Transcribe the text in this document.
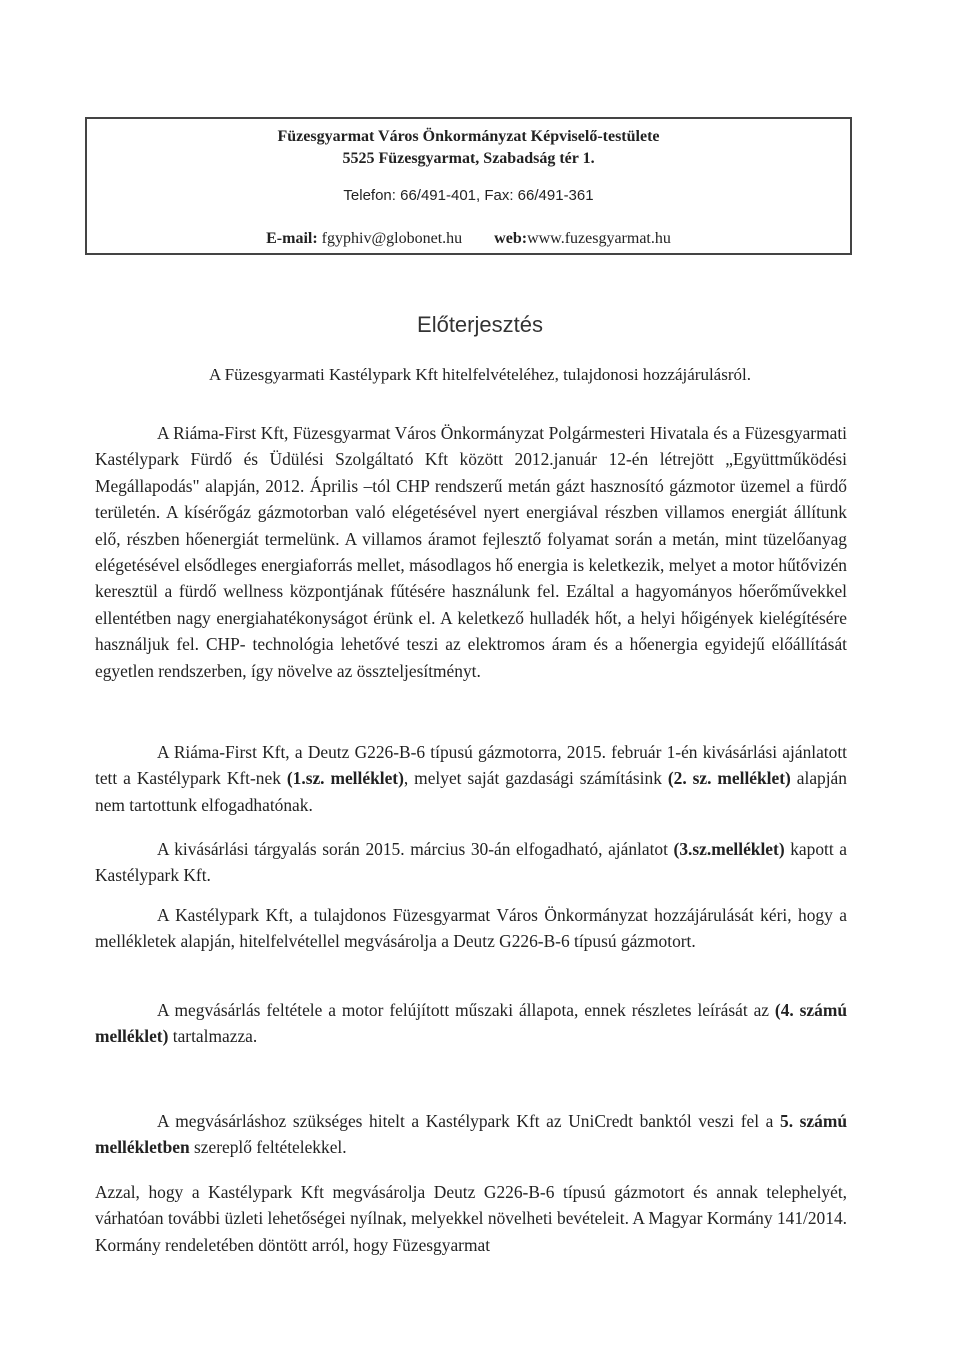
Füzesgyarmat Város Önkormányzat Képviselő-testülete
5525 Füzesgyarmat, Szabadság tér 1.
Telefon: 66/491-401, Fax: 66/491-361
E-mail: fgyphiv@globonet.hu web:www.fuzesgyarmat.hu
Előterjesztés
A Füzesgyarmati Kastélypark Kft hitelfelvételéhez, tulajdonosi hozzájárulásról.
A Riáma-First Kft, Füzesgyarmat Város Önkormányzat Polgármesteri Hivatala és a Füzesgyarmati Kastélypark Fürdő és Üdülési Szolgáltató Kft között 2012.január 12-én létrejött „Együttműködési Megállapodás" alapján, 2012. Április –tól CHP rendszerű metán gázt hasznosító gázmotor üzemel a fürdő területén. A kísérőgáz gázmotorban való elégetésével nyert energiával részben villamos energiát állítunk elő, részben hőenergiát termelünk. A villamos áramot fejlesztő folyamat során a metán, mint tüzelőanyag elégetésével elsődleges energiaforrás mellet, másodlagos hő energia is keletkezik, melyet a motor hűtővizén keresztül a fürdő wellness központjának fűtésére használunk fel. Ezáltal a hagyományos hőerőművekkel ellentétben nagy energiahatékonyságot érünk el. A keletkező hulladék hőt, a helyi hőigények kielégítésére használjuk fel. CHP- technológia lehetővé teszi az elektromos áram és a hőenergia egyidejű előállítását egyetlen rendszerben, így növelve az összteljesítményt.
A Riáma-First Kft, a Deutz G226-B-6 típusú gázmotorra, 2015. február 1-én kivásárlási ajánlatott tett a Kastélypark Kft-nek (1.sz. melléklet), melyet saját gazdasági számításink (2. sz. melléklet) alapján nem tartottunk elfogadhatónak.
A kivásárlási tárgyalás során 2015. március 30-án elfogadható, ajánlatot (3.sz.melléklet) kapott a Kastélypark Kft.
A Kastélypark Kft, a tulajdonos Füzesgyarmat Város Önkormányzat hozzájárulását kéri, hogy a mellékletek alapján, hitelfelvétellel megvásárolja a Deutz G226-B-6 típusú gázmotort.
A megvásárlás feltétele a motor felújított műszaki állapota, ennek részletes leírását az (4. számú melléklet) tartalmazza.
A megvásárláshoz szükséges hitelt a Kastélypark Kft az UniCredt banktól veszi fel a 5. számú mellékletben szereplő feltételekkel.
Azzal, hogy a Kastélypark Kft megvásárolja Deutz G226-B-6 típusú gázmotort és annak telephelyét, várhatóan további üzleti lehetőségei nyílnak, melyekkel növelheti bevételeit. A Magyar Kormány 141/2014. Kormány rendeletében döntött arról, hogy Füzesgyarmat
